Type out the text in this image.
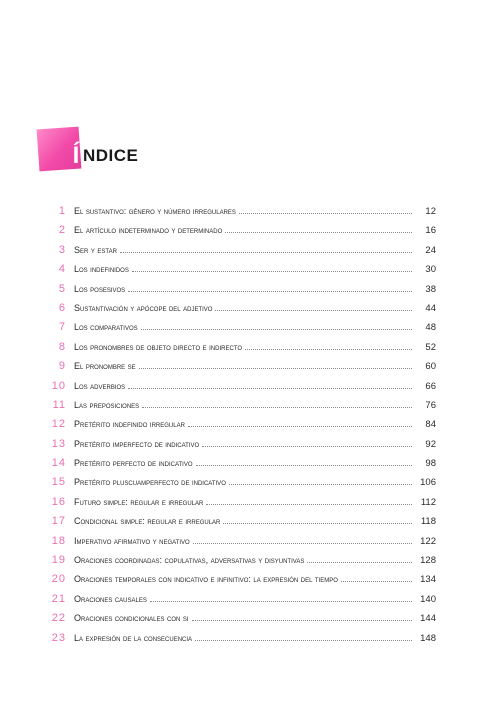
Í NDICE
1 El sustantivo: género y número irregulares	12
2 El artículo indeterminado y determinado	16
3 Ser y estar	24
4 Los indefinidos	30
5 Los posesivos	38
6 Sustantivación y apócope del adjetivo	44
7 Los comparativos	48
8 Los pronombres de objeto directo e indirecto	52
9 El pronombre se	60
10 Los adverbios	66
11 Las preposiciones	76
12 Pretérito indefinido irregular	84
13 Pretérito imperfecto de indicativo	92
14 Pretérito perfecto de indicativo	98
15 Pretérito pluscuamperfecto de indicativo	106
16 Futuro simple: regular e irregular	112
17 Condicional simple: regular e irregular	118
18 Imperativo afirmativo y negativo	122
19 Oraciones coordinadas: copulativas, adversativas y disyuntivas	128
20 Oraciones temporales con indicativo e infinitivo: la expresión del tiempo	134
21 Oraciones causales	140
22 Oraciones condicionales con si	144
23 La expresión de la consecuencia	148
